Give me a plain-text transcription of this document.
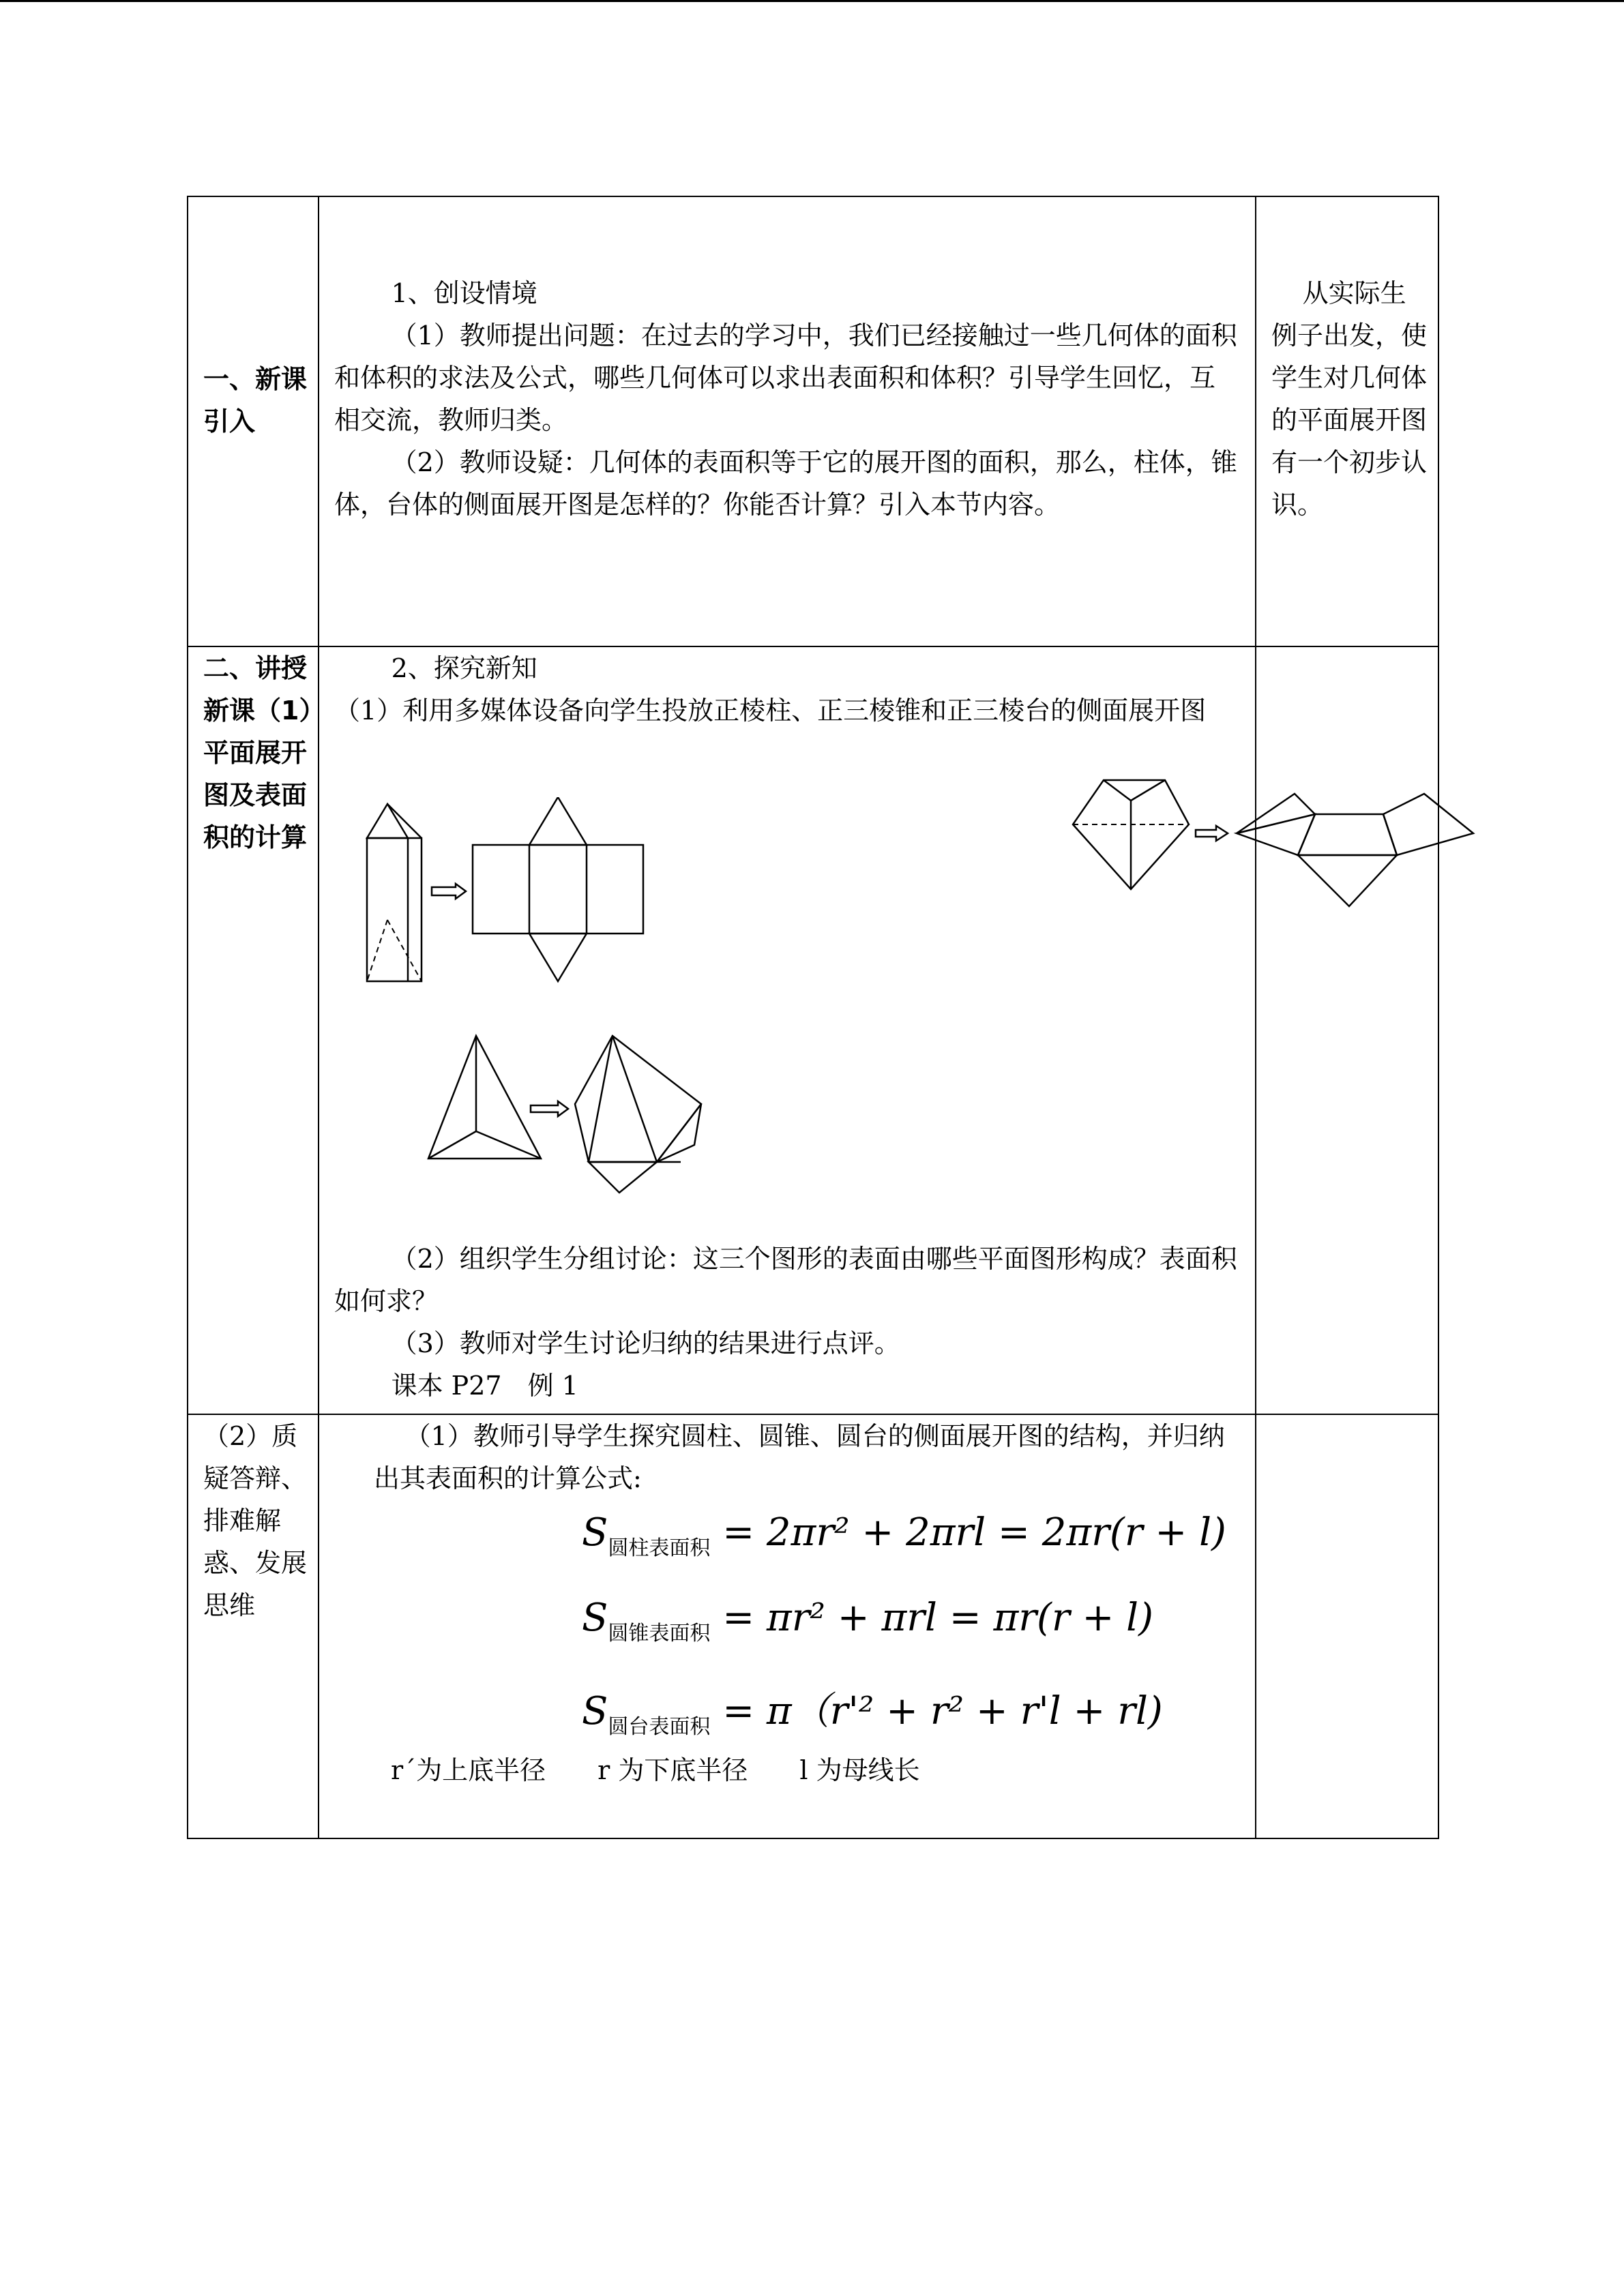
一、新课引入	1、创设情境

（1）教师提出问题：在过去的学习中，我们已经接触过一些几何体的面积和体积的求法及公式，哪些几何体可以求出表面积和体积？引导学生回忆，互相交流，教师归类。

（2）教师设疑：几何体的表面积等于它的展开图的面积，那么，柱体，锥体，台体的侧面展开图是怎样的？你能否计算？引入本节内容。	从实际生例子出发，使学生对几何体的平面展开图有一个初步认识。

二、讲授新课（1）平面展开图及表面积的计算	2、探究新知

（1）利用多媒体设备向学生投放正棱柱、正三棱锥和正三棱台的侧面展开图

（2）组织学生分组讨论：这三个图形的表面由哪些平面图形构成？表面积如何求？

（3）教师对学生讨论归纳的结果进行点评。

课本 P27　例 1	

（2）质疑答辩、排难解惑、发展思维	（1）教师引导学生探究圆柱、圆锥、圆台的侧面展开图的结构，并归纳出其表面积的计算公式:

$S_{圆柱表面积} = 2\pi r^2 + 2\pi rl = 2\pi r(r + l)$
$S_{圆锥表面积} = \pi r^2 + \pi rl = \pi r(r + l)$
$S_{圆台表面积} = \pi(r'^2 + r^2 + r'l + rl)$
r´为上底半径　　r 为下底半径　　l 为母线长	
